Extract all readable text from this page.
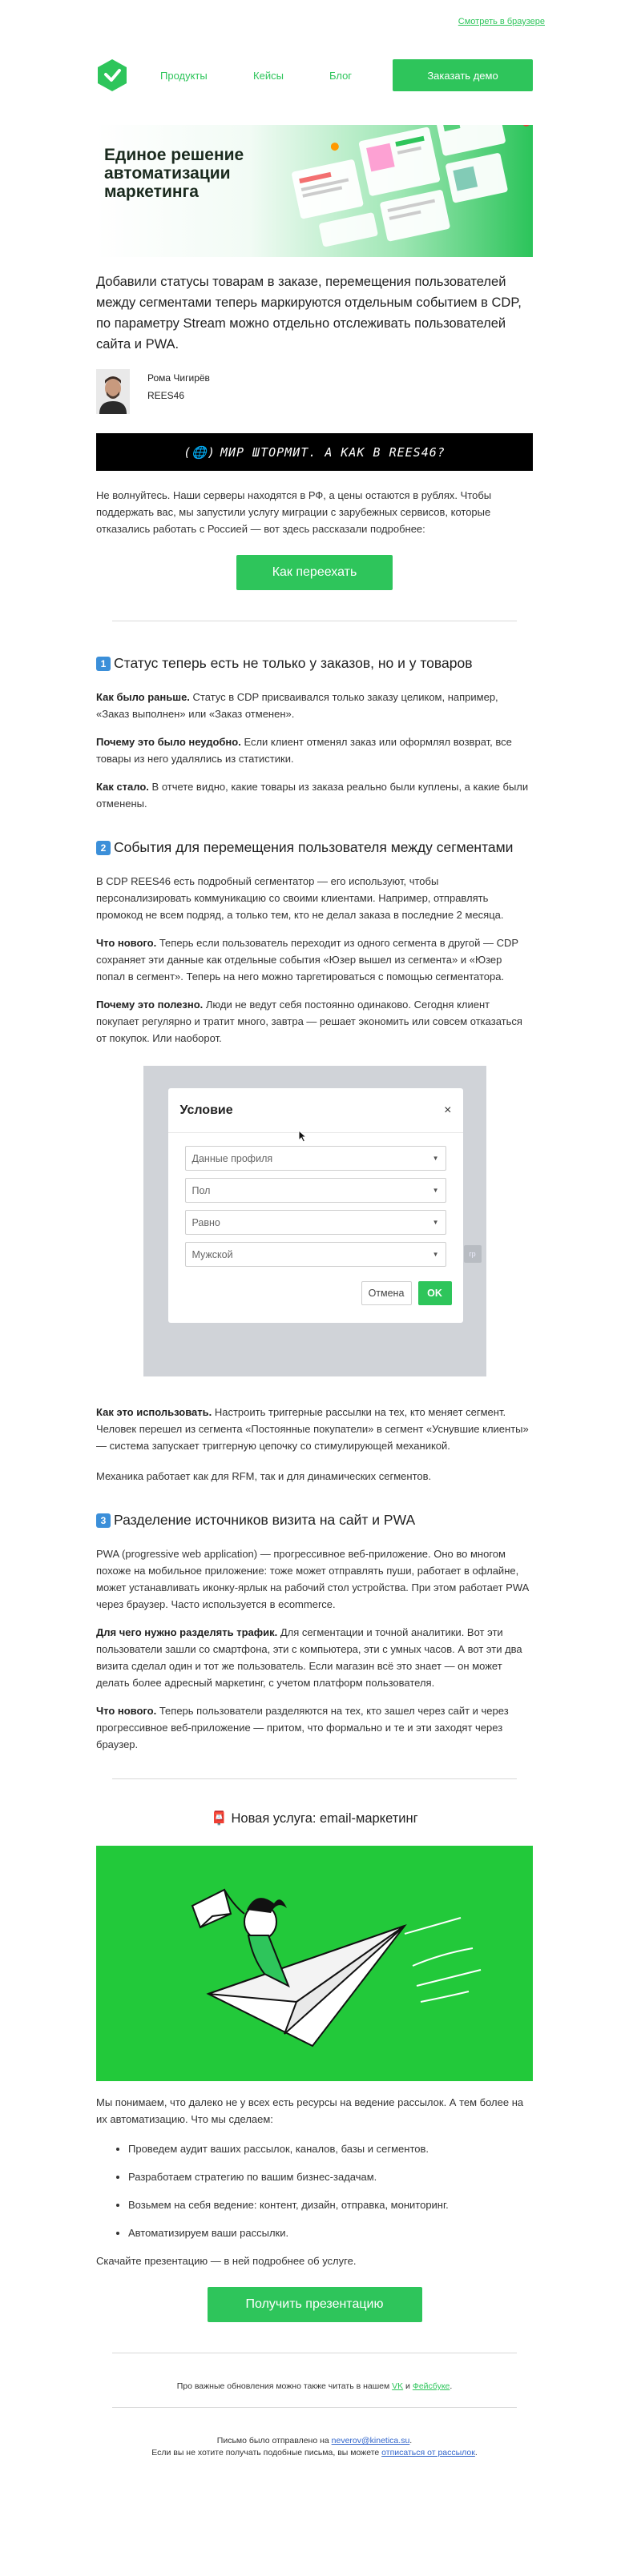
Смотреть в браузере
Продукты	Кейсы	Блог	Заказать демо
Единое решение автоматизации маркетинга

Добавили статусы товарам в заказе, перемещения пользователей между сегментами теперь маркируются отдельным событием в CDP, по параметру Stream можно отдельно отслеживать пользователей сайта и PWA.

Рома Чигирёв
REES46
(🌐) МИР ШТОРМИТ. А КАК В REES46?

Не волнуйтесь. Наши серверы находятся в РФ, а цены остаются в рублях. Чтобы поддержать вас, мы запустили услугу миграции с зарубежных сервисов, которые отказались работать с Россией — вот здесь рассказали подробнее:

Как переехать
1 Статус теперь есть не только у заказов, но и у товаров

Как было раньше. Статус в CDP присваивался только заказу целиком, например, «Заказ выполнен» или «Заказ отменен».

Почему это было неудобно. Если клиент отменял заказ или оформлял возврат, все товары из него удалялись из статистики.

Как стало. В отчете видно, какие товары из заказа реально были куплены, а какие были отменены.

2 События для перемещения пользователя между сегментами

В CDP REES46 есть подробный сегментатор — его используют, чтобы персонализировать коммуникацию со своими клиентами. Например, отправлять промокод не всем подряд, а только тем, кто не делал заказа в последние 2 месяца.

Что нового. Теперь если пользователь переходит из одного сегмента в другой — CDP сохраняет эти данные как отдельные события «Юзер вышел из сегмента» и «Юзер попал в сегмент». Теперь на него можно таргетироваться с помощью сегментатора.

Почему это полезно. Люди не ведут себя постоянно одинаково. Сегодня клиент покупает регулярно и тратит много, завтра — решает экономить или совсем отказаться от покупок. Или наоборот.

Условие	×
Данные профиля	▼
Пол	▼
Равно	▼
Мужской	▼
Отмена	OK
гр

Как это использовать. Настроить триггерные рассылки на тех, кто меняет сегмент. Человек перешел из сегмента «Постоянные покупатели» в сегмент «Уснувшие клиенты» — система запускает триггерную цепочку со стимулирующей механикой.

Механика работает как для RFM, так и для динамических сегментов.

3 Разделение источников визита на сайт и PWA

PWA (progressive web application) — прогрессивное веб-приложение. Оно во многом похоже на мобильное приложение: тоже может отправлять пуши, работает в офлайне, может устанавливать иконку-ярлык на рабочий стол устройства. При этом работает PWA через браузер. Часто используется в ecommerce.

Для чего нужно разделять трафик. Для сегментации и точной аналитики. Вот эти пользователи зашли со смартфона, эти с компьютера, эти с умных часов. А вот эти два визита сделал один и тот же пользователь. Если магазин всё это знает — он может делать более адресный маркетинг, с учетом платформ пользователя.

Что нового. Теперь пользователи разделяются на тех, кто зашел через сайт и через прогрессивное веб-приложение — притом, что формально и те и эти заходят через браузер.

📮 Новая услуга: email-маркетинг

Мы понимаем, что далеко не у всех есть ресурсы на ведение рассылок. А тем более на их автоматизацию. Что мы сделаем:

• Проведем аудит ваших рассылок, каналов, базы и сегментов.
• Разработаем стратегию по вашим бизнес-задачам.
• Возьмем на себя ведение: контент, дизайн, отправка, мониторинг.
• Автоматизируем ваши рассылки.

Скачайте презентацию — в ней подробнее об услуге.

Получить презентацию
Про важные обновления можно также читать в нашем VK и Фейсбуке.
Письмо было отправлено на neverov@kinetica.su.
Если вы не хотите получать подобные письма, вы можете отписаться от рассылок.
